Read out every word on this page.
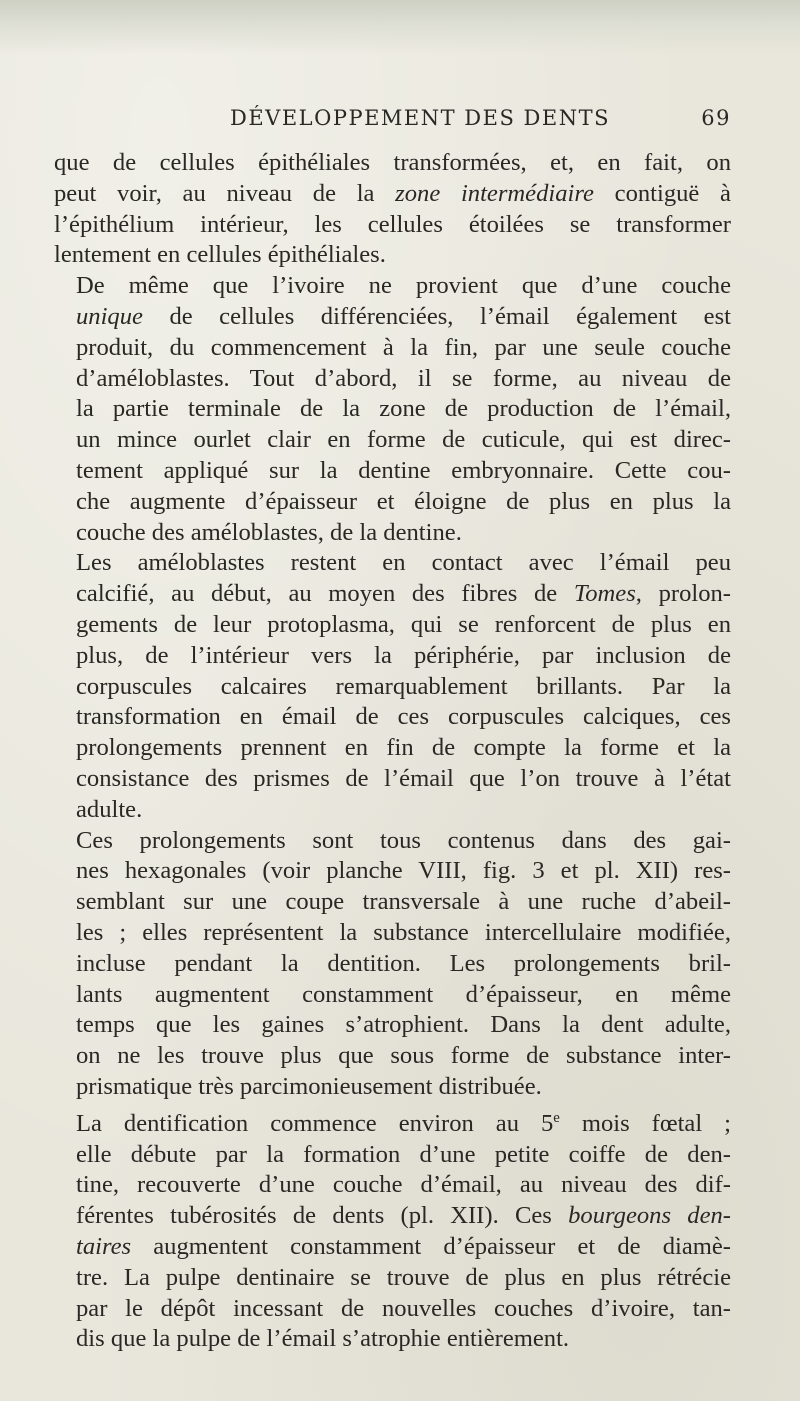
DÉVELOPPEMENT DES DENTS	69

que de cellules épithéliales transformées, et, en fait, on
peut voir, au niveau de la zone intermédiaire contiguë à
l’épithélium intérieur, les cellules étoilées se transformer
lentement en cellules épithéliales.

De même que l’ivoire ne provient que d’une couche
unique de cellules différenciées, l’émail également est
produit, du commencement à la fin, par une seule couche
d’améloblastes. Tout d’abord, il se forme, au niveau de
la partie terminale de la zone de production de l’émail,
un mince ourlet clair en forme de cuticule, qui est direc-
tement appliqué sur la dentine embryonnaire. Cette cou-
che augmente d’épaisseur et éloigne de plus en plus la
couche des améloblastes, de la dentine.

Les améloblastes restent en contact avec l’émail peu
calcifié, au début, au moyen des fibres de Tomes, prolon-
gements de leur protoplasma, qui se renforcent de plus en
plus, de l’intérieur vers la périphérie, par inclusion de
corpuscules calcaires remarquablement brillants. Par la
transformation en émail de ces corpuscules calciques, ces
prolongements prennent en fin de compte la forme et la
consistance des prismes de l’émail que l’on trouve à l’état
adulte.

Ces prolongements sont tous contenus dans des gai-
nes hexagonales (voir planche VIII, fig. 3 et pl. XII) res-
semblant sur une coupe transversale à une ruche d’abeil-
les ; elles représentent la substance intercellulaire modifiée,
incluse pendant la dentition. Les prolongements bril-
lants augmentent constamment d’épaisseur, en même
temps que les gaines s’atrophient. Dans la dent adulte,
on ne les trouve plus que sous forme de substance inter-
prismatique très parcimonieusement distribuée.

La dentification commence environ au 5e mois fœtal ;
elle débute par la formation d’une petite coiffe de den-
tine, recouverte d’une couche d’émail, au niveau des dif-
férentes tubérosités de dents (pl. XII). Ces bourgeons den-
taires augmentent constamment d’épaisseur et de diamè-
tre. La pulpe dentinaire se trouve de plus en plus rétrécie
par le dépôt incessant de nouvelles couches d’ivoire, tan-
dis que la pulpe de l’émail s’atrophie entièrement.
